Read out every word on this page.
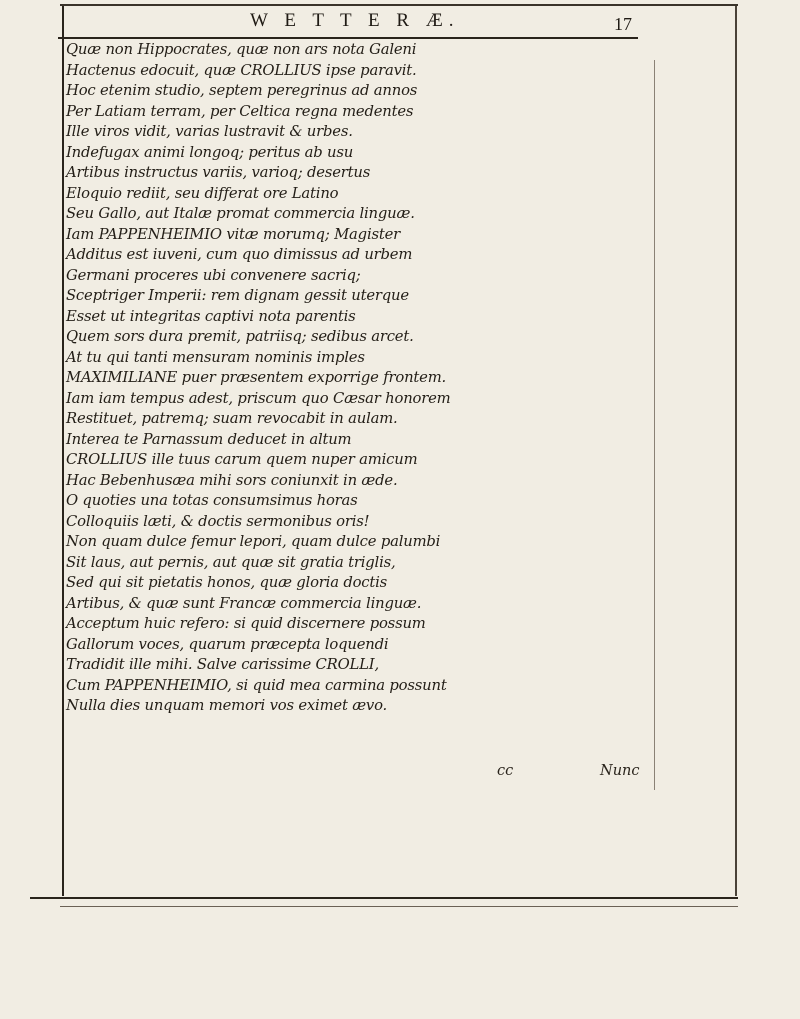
W E T T E R Æ.	17
Quæ non Hippocrates, quæ non ars nota Galeni
Hactenus edocuit, quæ CROLLIUS ipse paravit.
Hoc etenim studio, septem peregrinus ad annos
Per Latiam terram, per Celtica regna medentes
Ille viros vidit, varias lustravit & urbes.
Indefugax animi longoq; peritus ab usu
Artibus instructus variis, varioq; desertus
Eloquio rediit, seu differat ore Latino
Seu Gallo, aut Italæ promat commercia linguæ.
Iam PAPPENHEIMIO vitæ morumq; Magister
Additus est iuveni, cum quo dimissus ad urbem
Germani proceres ubi convenere sacriq;
Sceptriger Imperii: rem dignam gessit uterque
Esset ut integritas captivi nota parentis
Quem sors dura premit, patriisq; sedibus arcet.
At tu qui tanti mensuram nominis imples
MAXIMILIANE puer præsentem exporrige frontem.
Iam iam tempus adest, priscum quo Cæsar honorem
Restituet, patremq; suam revocabit in aulam.
Interea te Parnassum deducet in altum
CROLLIUS ille tuus carum quem nuper amicum
Hac Bebenhusæa mihi sors coniunxit in æde.
O quoties una totas consumsimus horas
Colloquiis læti, & doctis sermonibus oris!
Non quam dulce femur lepori, quam dulce palumbi
Sit laus, aut pernis, aut quæ sit gratia triglis,
Sed qui sit pietatis honos, quæ gloria doctis
Artibus, & quæ sunt Francæ commercia linguæ.
Acceptum huic refero: si quid discernere possum
Gallorum voces, quarum præcepta loquendi
Tradidit ille mihi. Salve carissime CROLLI,
Cum PAPPENHEIMIO, si quid mea carmina possunt
Nulla dies unquam memori vos eximet ævo.
cc	Nunc
